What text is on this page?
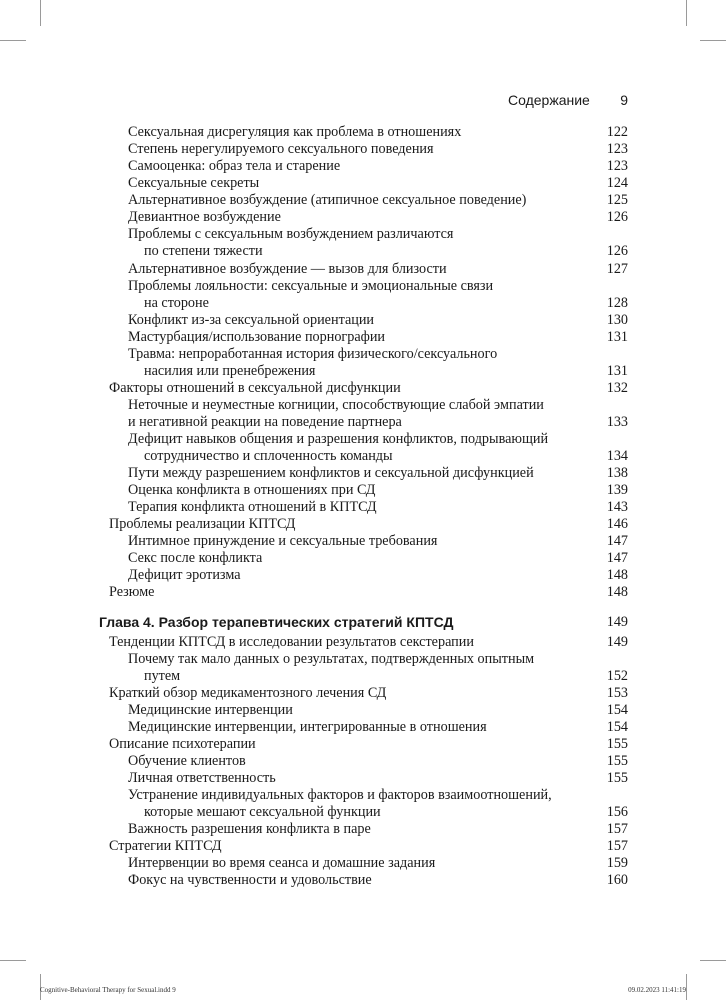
Содержание 9
Сексуальная дисрегуляция как проблема в отношениях	122
Степень нерегулируемого сексуального поведения	123
Самооценка: образ тела и старение	123
Сексуальные секреты	124
Альтернативное возбуждение (атипичное сексуальное поведение)	125
Девиантное возбуждение	126
Проблемы с сексуальным возбуждением различаются
по степени тяжести	126
Альтернативное возбуждение — вызов для близости	127
Проблемы лояльности: сексуальные и эмоциональные связи
на стороне	128
Конфликт из-за сексуальной ориентации	130
Мастурбация/использование порнографии	131
Травма: непроработанная история физического/сексуального
насилия или пренебрежения	131
Факторы отношений в сексуальной дисфункции	132
Неточные и неуместные когниции, способствующие слабой эмпатии
и негативной реакции на поведение партнера	133
Дефицит навыков общения и разрешения конфликтов, подрывающий
сотрудничество и сплоченность команды	134
Пути между разрешением конфликтов и сексуальной дисфункцией	138
Оценка конфликта в отношениях при СД	139
Терапия конфликта отношений в КПТСД	143
Проблемы реализации КПТСД	146
Интимное принуждение и сексуальные требования	147
Секс после конфликта	147
Дефицит эротизма	148
Резюме	148
Глава 4. Разбор терапевтических стратегий КПТСД	149
Тенденции КПТСД в исследовании результатов секстерапии	149
Почему так мало данных о результатах, подтвержденных опытным
путем	152
Краткий обзор медикаментозного лечения СД	153
Медицинские интервенции	154
Медицинские интервенции, интегрированные в отношения	154
Описание психотерапии	155
Обучение клиентов	155
Личная ответственность	155
Устранение индивидуальных факторов и факторов взаимоотношений,
которые мешают сексуальной функции	156
Важность разрешения конфликта в паре	157
Стратегии КПТСД	157
Интервенции во время сеанса и домашние задания	159
Фокус на чувственности и удовольствие	160
Cognitive-Behavioral Therapy for Sexual.indd 9	09.02.2023 11:41:19
